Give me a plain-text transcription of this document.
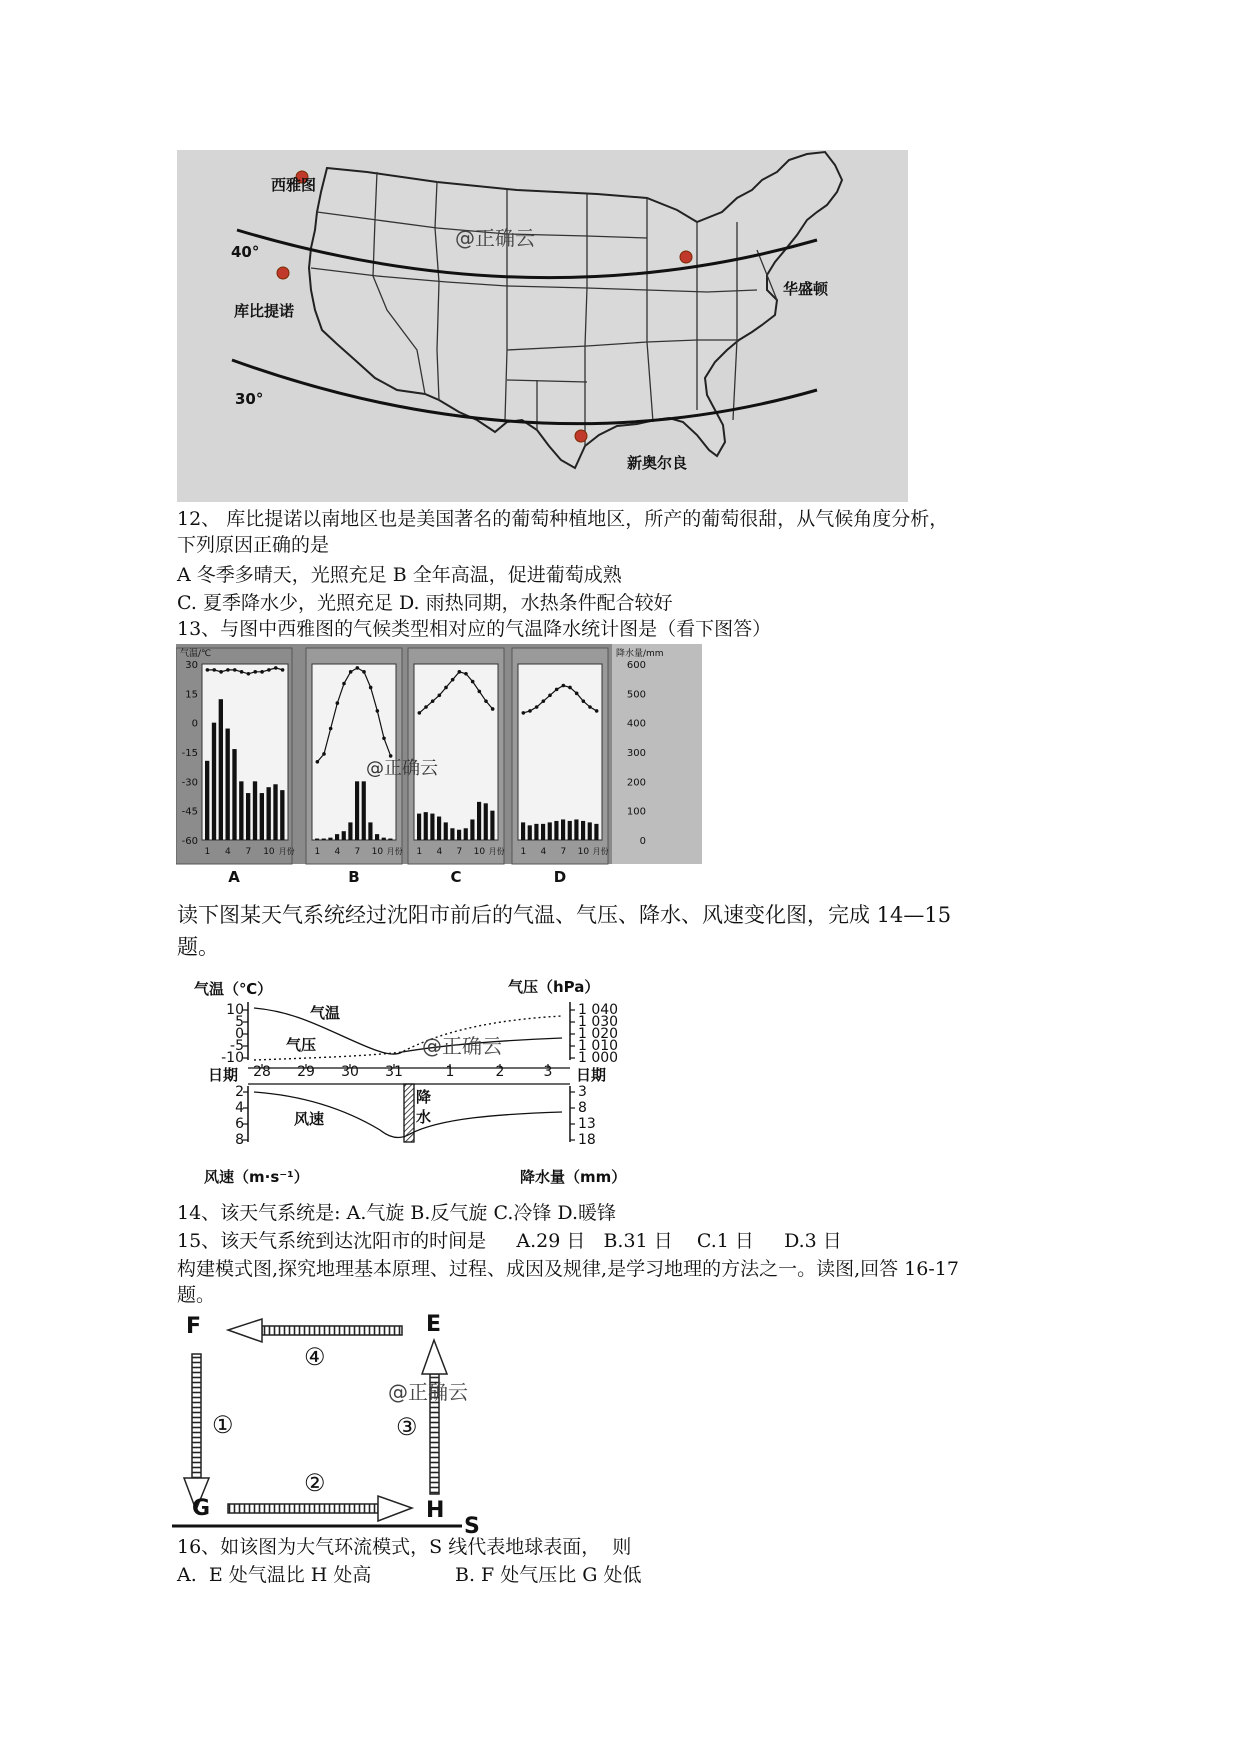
40°
30°
西雅图
库比提诺
华盛顿
新奥尔良
@正确云
12、 库比提诺以南地区也是美国著名的葡萄种植地区，所产的葡萄很甜，从气候角度分析，
下列原因正确的是
A 冬季多晴天，光照充足 B 全年高温，促进葡萄成熟
C. 夏季降水少，光照充足 D. 雨热同期，水热条件配合较好
13、与图中西雅图的气候类型相对应的气温降水统计图是（看下图答）
30
15
0
-15
-30
-45
-60
气温/℃
600
500
400
300
200
100
0
降水量/mm
1 4 7 10 月份
A
1 4 7 10 月份
B
1 4 7 10 月份
C
1 4 7 10 月份
D
@正确云
读下图某天气系统经过沈阳市前后的气温、气压、降水、风速变化图，完成 14—15
题。
气温（℃）	气压（hPa）
气温
气压	@正确云
10
5
0
-5
-10
1 040
1 030
1 020
1 010
1 000
日期	日期
28 29 30 31	1	2	3
2
4
6
8
3
8
13
18
风速
降
水
风速（m·s⁻¹）	降水量（mm）
14、该天气系统是: A.气旋 B.反气旋 C.冷锋 D.暖锋
15、该天气系统到达沈阳市的时间是     A.29 日   B.31 日    C.1 日     D.3 日
构建模式图,探究地理基本原理、过程、成因及规律,是学习地理的方法之一。读图,回答 16-17
题。
F	E
G	H
S
④
①	③
②
@正确云
16、如该图为大气环流模式，S 线代表地球表面，  则
A.  E 处气温比 H 处高	B. F 处气压比 G 处低
